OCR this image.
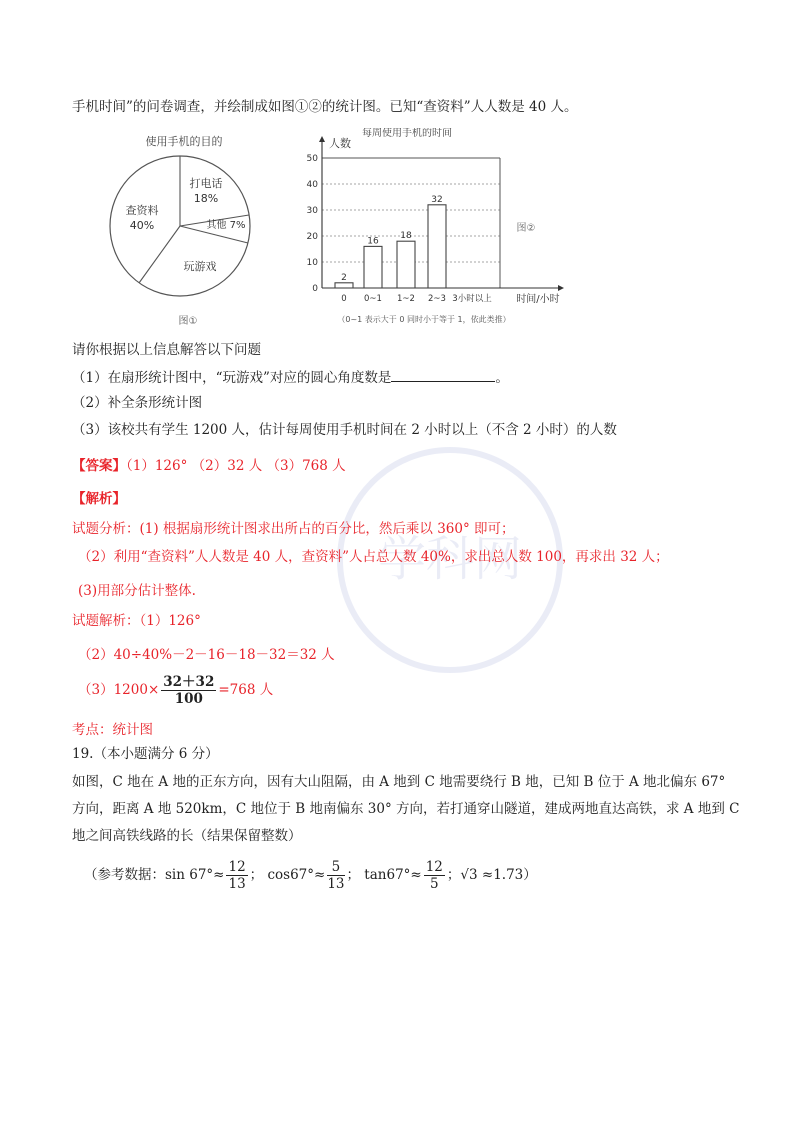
手机时间”的问卷调查，并绘制成如图①②的统计图。已知“查资料”人人数是 40 人。
使用手机的目的
查资料
40%
打电话
18%
其他 7%
玩游戏
图①
0
10
20
30
40
50
2
0
16
0~1
18
1~2
32
2~3 3小时以上
每周使用手机的时间
人数
时间/小时
图②
（0~1 表示大于 0 同时小于等于 1，依此类推）
请你根据以上信息解答以下问题
（1）在扇形统计图中，“玩游戏”对应的圆心角度数是	。
（2）补全条形统计图
（3）该校共有学生 1200 人，估计每周使用手机时间在 2 小时以上（不含 2 小时）的人数
学科网
【答案】（1）126° （2）32 人 （3）768 人
【解析】
试题分析：(1) 根据扇形统计图求出所占的百分比，然后乘以 360° 即可；
（2）利用“查资料”人人数是 40 人，查资料”人占总人数 40%，求出总人数 100，再求出 32 人；
(3)用部分估计整体.
试题解析：（1）126°
（2）40÷40%－2－16－18－32＝32 人
$(3)1200\times \frac{32+32}{100} =768$ 人
考点：统计图
19.（本小题满分 6 分）
如图，C 地在 A 地的正东方向，因有大山阻隔，由 A 地到 C 地需要绕行 B 地，已知 B 位于 A 地北偏东 67°
方向，距离 A 地 520km，C 地位于 B 地南偏东 30° 方向，若打通穿山隧道，建成两地直达高铁，求 A 地到 C
地之间高铁线路的长（结果保留整数）
（参考数据：$\sin 67^\circ\approx \frac{12}{13}$ ； $\cos 67^\circ\approx \frac{5}{13}$ ； $\tan 67^\circ\approx \frac{12}{5}$ ；√3 ≈1.73）
